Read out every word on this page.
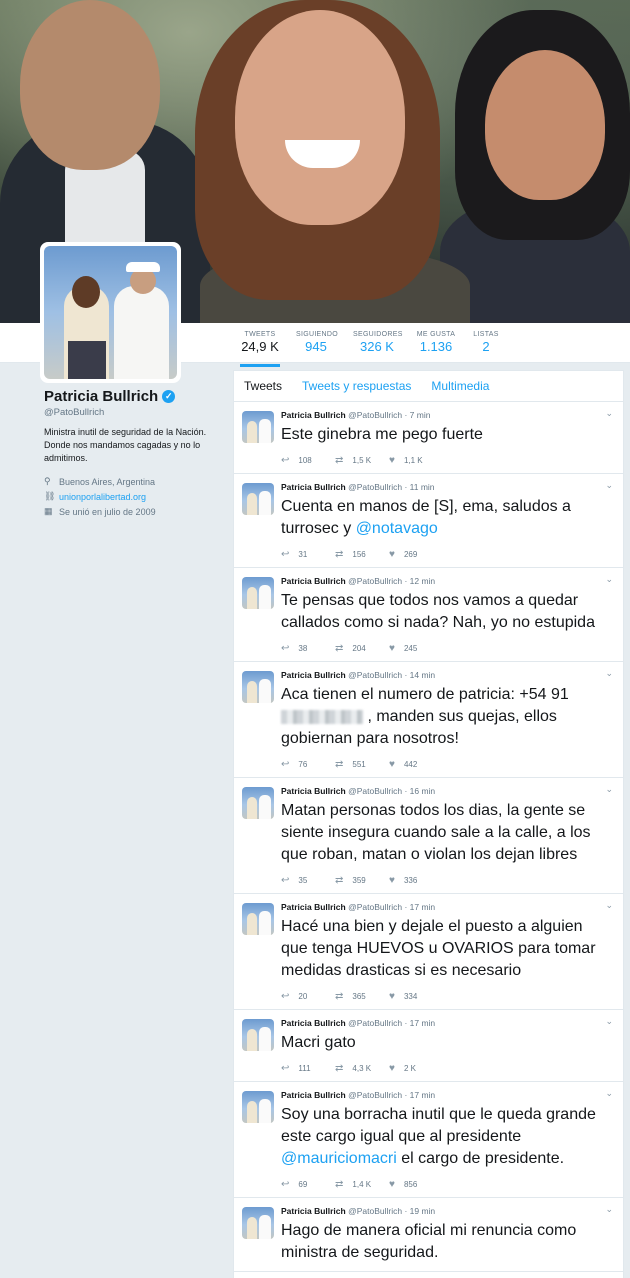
TWEETS
24,9 K
SIGUIENDO
945
SEGUIDORES
326 K
ME GUSTA
1.136
LISTAS
2
Patricia Bullrich ✓
@PatoBullrich
Ministra inutil de seguridad de la Nación. Donde nos mandamos cagadas y no lo admitimos.
⚲ Buenos Aires, Argentina
⛓ unionporlalibertad.org
▦ Se unió en julio de 2009
Tweets Tweets y respuestas Multimedia
⌄
Patricia Bullrich @PatoBullrich · 7 min
Este ginebra me pego fuerte
↩ 108 ⇄ 1,5 K ♥ 1,1 K
⌄
Patricia Bullrich @PatoBullrich · 11 min
Cuenta en manos de [S], ema, saludos a turrosec y @notavago
↩ 31	⇄ 156 ♥ 269
⌄
Patricia Bullrich @PatoBullrich · 12 min
Te pensas que todos nos vamos a quedar callados como si nada? Nah, yo no estupida
↩ 38	⇄ 204 ♥ 245
⌄
Patricia Bullrich @PatoBullrich · 14 min
Aca tienen el numero de patricia: +54 91 , manden sus quejas, ellos gobiernan para nosotros!
↩ 76	⇄ 551 ♥ 442
⌄
Patricia Bullrich @PatoBullrich · 16 min
Matan personas todos los dias, la gente se siente insegura cuando sale a la calle, a los que roban, matan o violan los dejan libres
↩ 35	⇄ 359 ♥ 336
⌄
Patricia Bullrich @PatoBullrich · 17 min
Hacé una bien y dejale el puesto a alguien que tenga HUEVOS u OVARIOS para tomar medidas drasticas si es necesario
↩ 20	⇄ 365 ♥ 334
⌄
Patricia Bullrich @PatoBullrich · 17 min
Macri gato
↩ 111 ⇄ 4,3 K ♥ 2 K
⌄
Patricia Bullrich @PatoBullrich · 17 min
Soy una borracha inutil que le queda grande este cargo igual que al presidente @mauriciomacri el cargo de presidente.
↩ 69	⇄ 1,4 K ♥ 856
⌄
Patricia Bullrich @PatoBullrich · 19 min
Hago de manera oficial mi renuncia como ministra de seguridad.
